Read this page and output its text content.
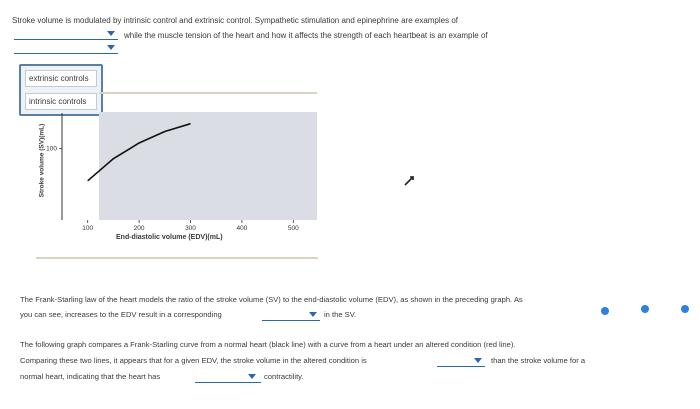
Stroke volume is modulated by intrinsic control and extrinsic control. Sympathetic stimulation and epinephrine are examples of
while the muscle tension of the heart and how it affects the strength of each heartbeat is an example of
extrinsic controls
intrinsic controls
100	200	300	400	500
100
Stroke volume (SV)(mL)
End-diastolic volume (EDV)(mL)
The Frank-Starling law of the heart models the ratio of the stroke volume (SV) to the end-diastolic volume (EDV), as shown in the preceding graph. As
you can see, increases to the EDV result in a corresponding	in the SV.
The following graph compares a Frank-Starling curve from a normal heart (black line) with a curve from a heart under an altered condition (red line).
Comparing these two lines, it appears that for a given EDV, the stroke volume in the altered condition is	than the stroke volume for a
normal heart, indicating that the heart has	contractility.
